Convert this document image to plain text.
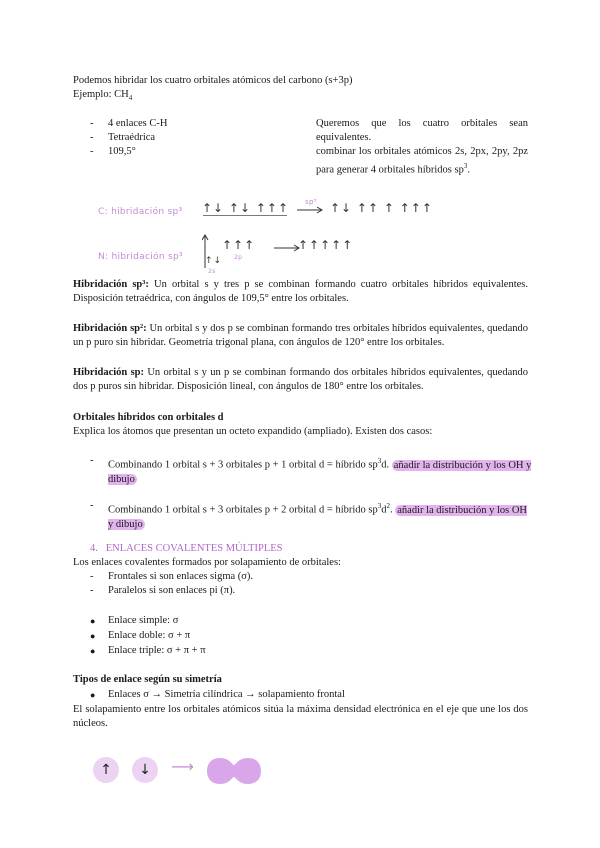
Podemos hibridar los cuatro orbitales atómicos del carbono (s+3p)
Ejemplo: $CH_4$
- 4 enlaces C-H
- Tetraédrica
- 109,5°
Queremos que los cuatro orbitales sean equivalentes.
combinar los orbitales atómicos 2s, 2px, 2py, 2pz para generar 4 orbitales híbridos $sp^3$.
C: hibridación sp³ ↑↓ ↑↓ ↑↑↑ sp³ ↑↓ ↑↑ ↑ ↑↑↑
N: hibridación sp³ ↑↓
2s
↑↑↑
2p
↑↑↑↑↑
Hibridación sp³: Un orbital s y tres p se combinan formando cuatro orbitales híbridos equivalentes. Disposición tetraédrica, con ángulos de 109,5° entre los orbitales.
Hibridación sp²: Un orbital s y dos p se combinan formando tres orbitales híbridos equivalentes, quedando un p puro sin hibridar. Geometría trigonal plana, con ángulos de 120° entre los orbitales.
Hibridación sp: Un orbital s y un p se combinan formando dos orbitales híbridos equivalentes, quedando dos p puros sin hibridar. Disposición lineal, con ángulos de 180° entre los orbitales.
Orbitales híbridos con orbitales d
Explica los átomos que presentan un octeto expandido (ampliado). Existen dos casos:
- Combinando 1 orbital s + 3 orbitales p + 1 orbital d = híbrido $sp^3d$. añadir la distribución y los OH y dibujo
- Combinando 1 orbital s + 3 orbitales p + 2 orbital d = híbrido $sp^3d^2$. añadir la distribución y los OH y dibujo
4. ENLACES COVALENTES MÚLTIPLES
Los enlaces covalentes formados por solapamiento de orbitales:
- Frontales si son enlaces sigma (σ).
- Paralelos si son enlaces pi (π).
● Enlace simple: σ
● Enlace doble: σ + π
● Enlace triple: σ + π + π
Tipos de enlace según su simetría
● Enlaces σ → Simetría cilíndrica → solapamiento frontal
El solapamiento entre los orbitales atómicos sitúa la máxima densidad electrónica en el eje que une los dos núcleos.
↑	↓	⟶
